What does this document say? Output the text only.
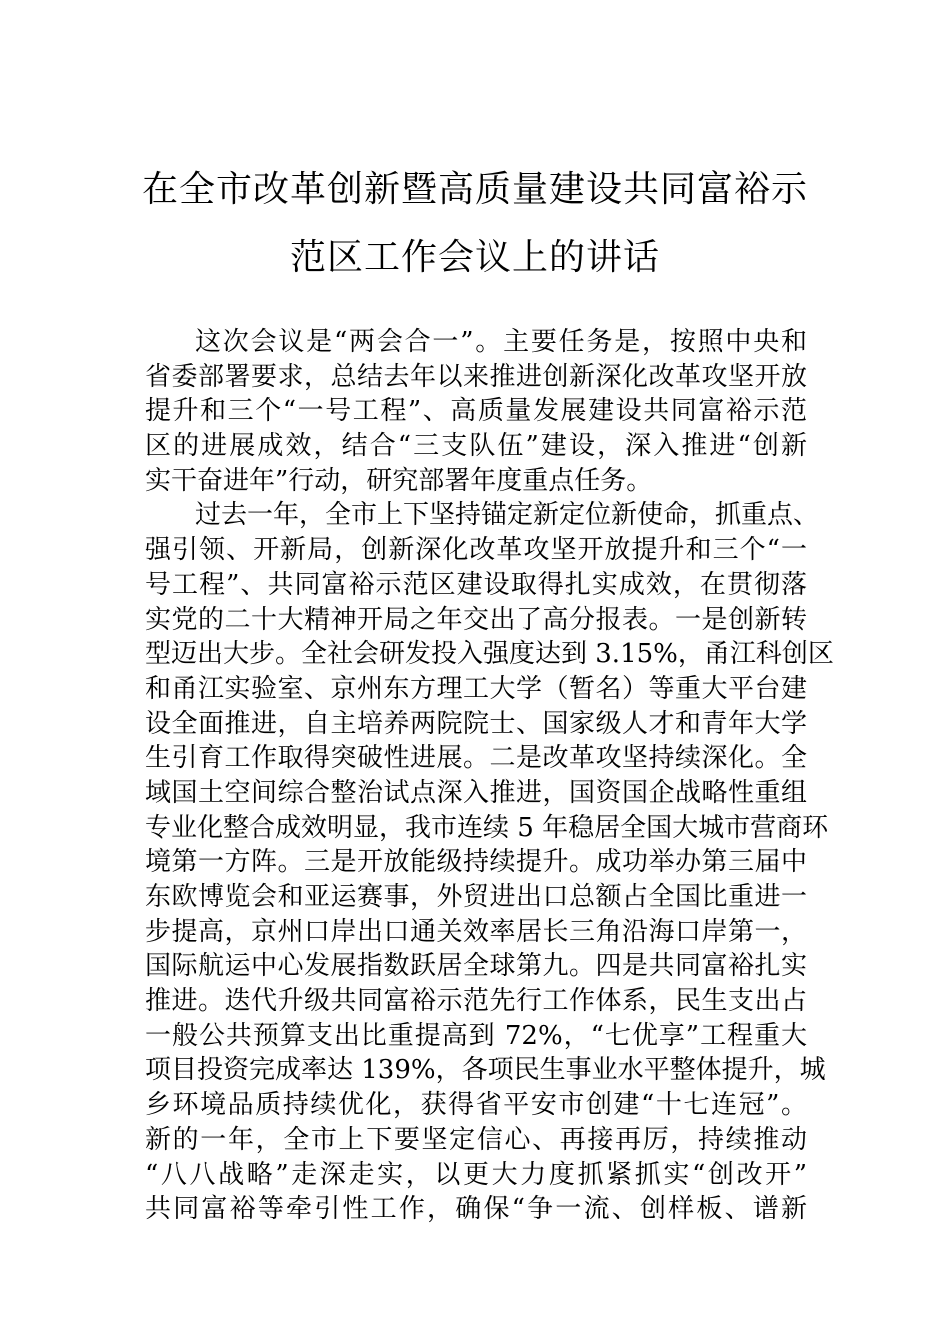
在全市改革创新暨高质量建设共同富裕示
范区工作会议上的讲话
这次会议是“两会合一”。主要任务是，按照中央和
省委部署要求，总结去年以来推进创新深化改革攻坚开放
提升和三个“一号工程”、高质量发展建设共同富裕示范
区的进展成效，结合“三支队伍”建设，深入推进“创新
实干奋进年”行动，研究部署年度重点任务。
过去一年，全市上下坚持锚定新定位新使命，抓重点、
强引领、开新局，创新深化改革攻坚开放提升和三个“一
号工程”、共同富裕示范区建设取得扎实成效，在贯彻落
实党的二十大精神开局之年交出了高分报表。一是创新转
型迈出大步。全社会研发投入强度达到 3.15%，甬江科创区
和甬江实验室、京州东方理工大学（暂名）等重大平台建
设全面推进，自主培养两院院士、国家级人才和青年大学
生引育工作取得突破性进展。二是改革攻坚持续深化。全
域国土空间综合整治试点深入推进，国资国企战略性重组
专业化整合成效明显，我市连续 5 年稳居全国大城市营商环
境第一方阵。三是开放能级持续提升。成功举办第三届中
东欧博览会和亚运赛事，外贸进出口总额占全国比重进一
步提高，京州口岸出口通关效率居长三角沿海口岸第一，
国际航运中心发展指数跃居全球第九。四是共同富裕扎实
推进。迭代升级共同富裕示范先行工作体系，民生支出占
一般公共预算支出比重提高到 72%，“七优享”工程重大
项目投资完成率达 139%，各项民生事业水平整体提升，城
乡环境品质持续优化，获得省平安市创建“十七连冠”。
新的一年，全市上下要坚定信心、再接再厉，持续推动
“八八战略”走深走实，以更大力度抓紧抓实“创改开”
共同富裕等牵引性工作，确保“争一流、创样板、谱新
